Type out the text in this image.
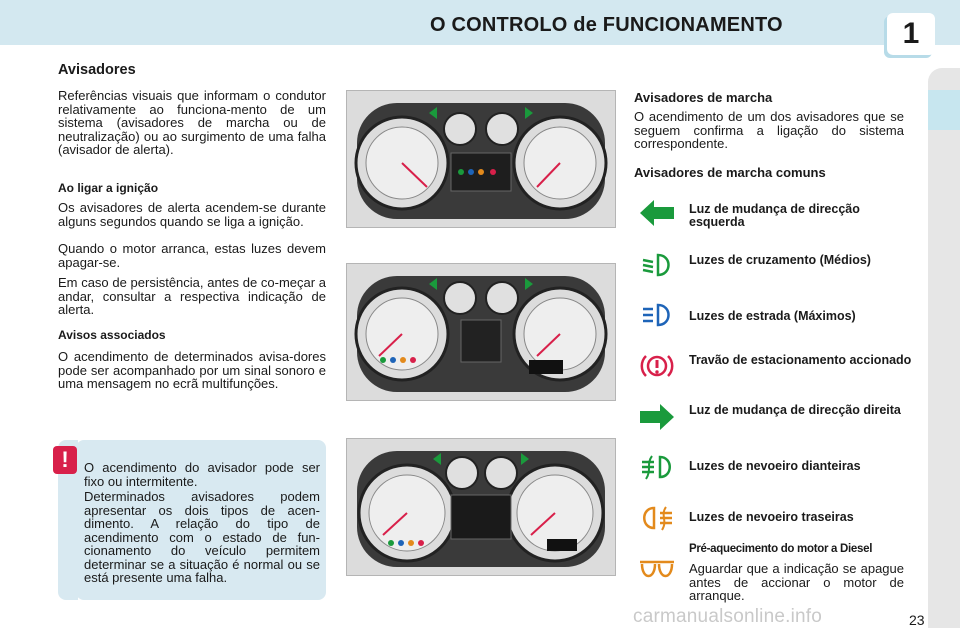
O CONTROLO de FUNCIONAMENTO	1
Avisadores

Referências visuais que informam o condutor relativamente ao funciona-mento de um sistema (avisadores de marcha ou de neutralização) ou ao surgimento de uma falha (avisador de alerta).

Ao ligar a ignição

Os avisadores de alerta acendem-se durante alguns segundos quando se liga a ignição.

Quando o motor arranca, estas luzes devem apagar-se.

Em caso de persistência, antes de co-meçar a andar, consultar a respectiva indicação de alerta.

Avisos associados

O acendimento de determinados avisa-dores pode ser acompanhado por um sinal sonoro e uma mensagem no ecrã multifunções.

!	O acendimento do avisador pode ser fixo ou intermitente.

Determinados avisadores podem apresentar os dois tipos de acen-dimento. A relação do tipo de acendimento com o estado de fun-cionamento do veículo permitem determinar se a situação é normal ou se está presente uma falha.

Avisadores de marcha

O acendimento de um dos avisadores que se seguem confirma a ligação do sistema correspondente.

Avisadores de marcha comuns
Luz de mudança de direcção esquerda
Luzes de cruzamento (Médios)
Luzes de estrada (Máximos)
Travão de estacionamento accionado
Luz de mudança de direcção direita
Luzes de nevoeiro dianteiras
Luzes de nevoeiro traseiras
Pré-aquecimento do motor a Diesel

Aguardar que a indicação se apague antes de accionar o motor de arranque.

carmanualsonline.info	23
